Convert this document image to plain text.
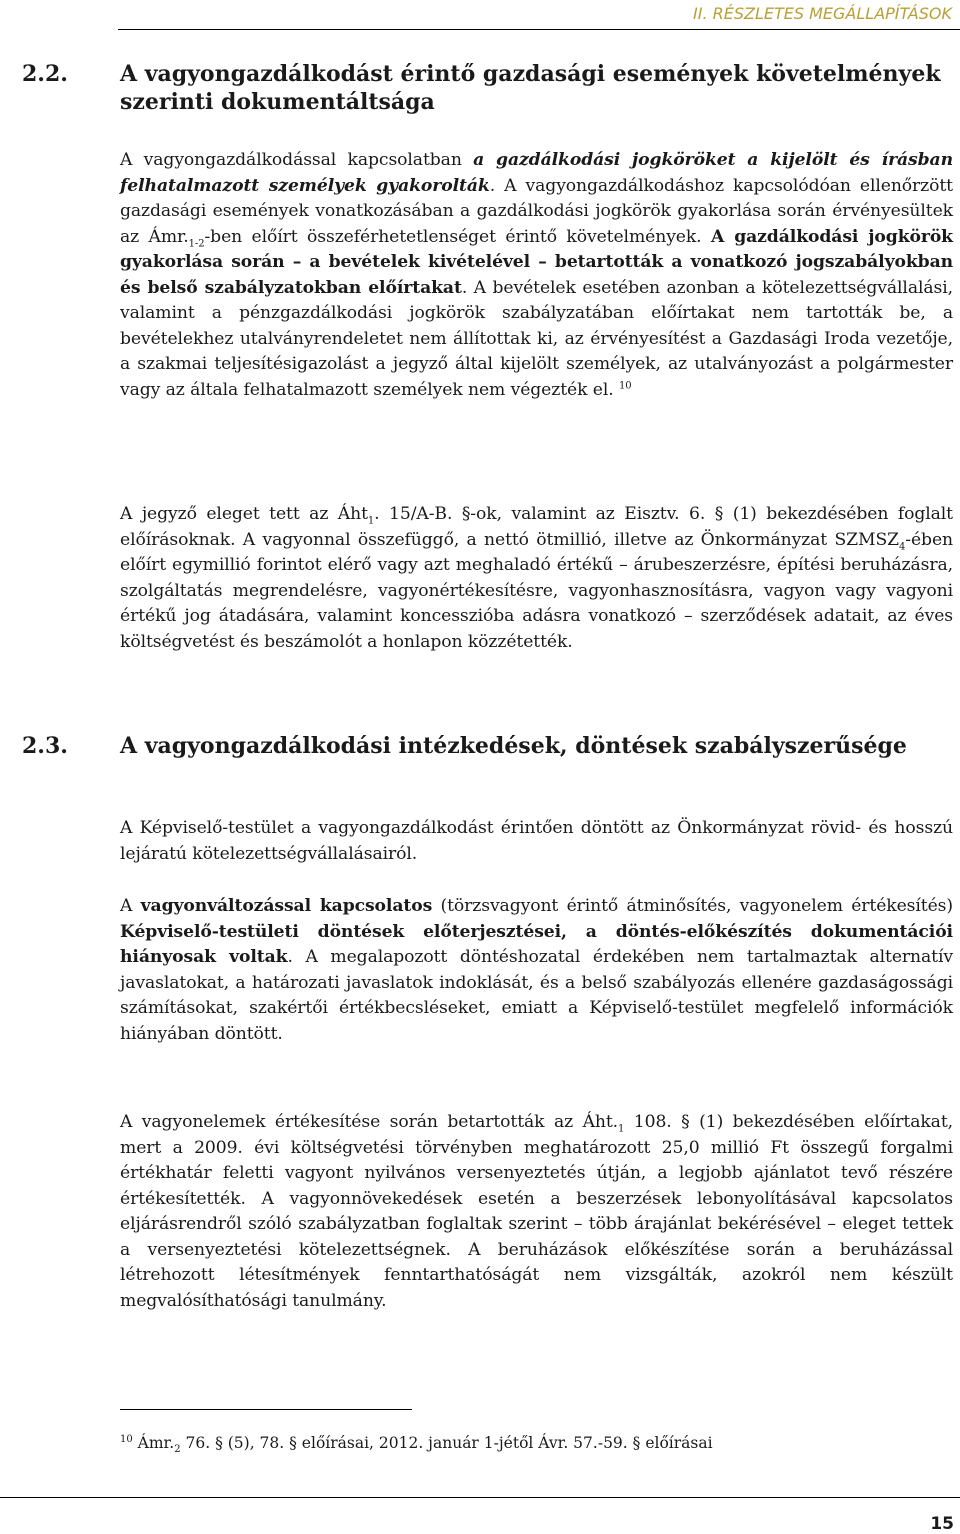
II. RÉSZLETES MEGÁLLAPÍTÁSOK
2.2. A vagyongazdálkodást érintő gazdasági események követelmények szerinti dokumentáltsága

A vagyongazdálkodással kapcsolatban a gazdálkodási jogköröket a kijelölt és írásban felhatalmazott személyek gyakorolták. A vagyongazdálkodáshoz kapcsolódóan ellenőrzött gazdasági események vonatkozásában a gazdálkodási jogkörök gyakorlása során érvényesültek az $Ámr._{1-2}$-ben előírt összeférhetetlenséget érintő követelmények. A gazdálkodási jogkörök gyakorlása során – a bevételek kivételével – betartották a vonatkozó jogszabályokban és belső szabályzatokban előírtakat. A bevételek esetében azonban a kötelezettségvállalási, valamint a pénzgazdálkodási jogkörök szabályzatában előírtakat nem tartották be, a bevételekhez utalványrendeletet nem állítottak ki, az érvényesítést a Gazdasági Iroda vezetője, a szakmai teljesítésigazolást a jegyző által kijelölt személyek, az utalványozást a polgármester vagy az általa felhatalmazott személyek nem végezték el. $^{10}$

A jegyző eleget tett az Áht$_1$. 15/A-B. §-ok, valamint az Eisztv. 6. § (1) bekezdésében foglalt előírásoknak. A vagyonnal összefüggő, a nettó ötmillió, illetve az Önkormányzat $SZMSZ_4$-ében előírt egymillió forintot elérő vagy azt meghaladó értékű – árubeszerzésre, építési beruházásra, szolgáltatás megrendelésre, vagyonértékesítésre, vagyonhasznosításra, vagyon vagy vagyoni értékű jog átadására, valamint koncesszióba adásra vonatkozó – szerződések adatait, az éves költségvetést és beszámolót a honlapon közzétették.

2.3. A vagyongazdálkodási intézkedések, döntések szabályszerűsége

A Képviselő-testület a vagyongazdálkodást érintően döntött az Önkormányzat rövid- és hosszú lejáratú kötelezettségvállalásairól.

A vagyonváltozással kapcsolatos (törzsvagyont érintő átminősítés, vagyonelem értékesítés) Képviselő-testületi döntések előterjesztései, a döntés-előkészítés dokumentációi hiányosak voltak. A megalapozott döntéshozatal érdekében nem tartalmaztak alternatív javaslatokat, a határozati javaslatok indoklását, és a belső szabályozás ellenére gazdaságossági számításokat, szakértői értékbecsléseket, emiatt a Képviselő-testület megfelelő információk hiányában döntött.

A vagyonelemek értékesítése során betartották az $Áht._1$ 108. § (1) bekezdésében előírtakat, mert a 2009. évi költségvetési törvényben meghatározott 25,0 millió Ft összegű forgalmi értékhatár feletti vagyont nyilvános versenyeztetés útján, a legjobb ajánlatot tevő részére értékesítették. A vagyonnövekedések esetén a beszerzések lebonyolításával kapcsolatos eljárásrendről szóló szabályzatban foglaltak szerint – több árajánlat bekérésével – eleget tettek a versenyeztetési kötelezettségnek. A beruházások előkészítése során a beruházással létrehozott létesítmények fenntarthatóságát nem vizsgálták, azokról nem készült megvalósíthatósági tanulmány.

$^{10}$ $Ámr._2$ 76. § (5), 78. § előírásai, 2012. január 1-jétől Ávr. 57.-59. § előírásai

15
